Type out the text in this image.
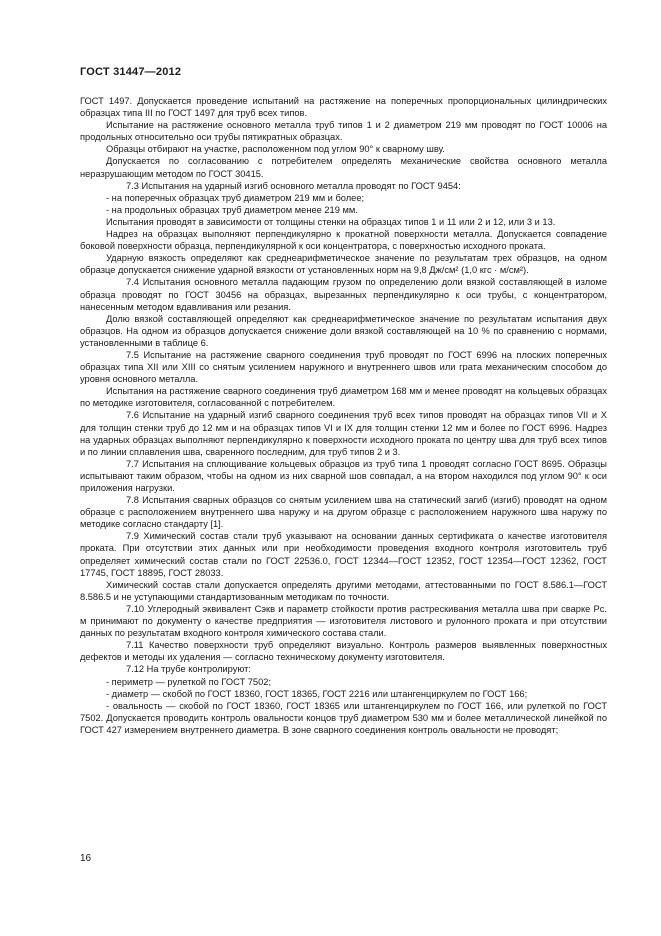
ГОСТ 31447—2012

ГОСТ 1497. Допускается проведение испытаний на растяжение на поперечных пропорциональных цилиндрических образцах типа III по ГОСТ 1497 для труб всех типов.

Испытание на растяжение основного металла труб типов 1 и 2 диаметром 219 мм проводят по ГОСТ 10006 на продольных относительно оси трубы пятикратных образцах.

Образцы отбирают на участке, расположенном под углом 90° к сварному шву.

Допускается по согласованию с потребителем определять механические свойства основного металла неразрушающим методом по ГОСТ 30415.

7.3 Испытания на ударный изгиб основного металла проводят по ГОСТ 9454:

- на поперечных образцах труб диаметром 219 мм и более;

- на продольных образцах труб диаметром менее 219 мм.

Испытания проводят в зависимости от толщины стенки на образцах типов 1 и 11 или 2 и 12, или 3 и 13.

Надрез на образцах выполняют перпендикулярно к прокатной поверхности металла. Допускается совпадение боковой поверхности образца, перпендикулярной к оси концентратора, с поверхностью исходного проката.

Ударную вязкость определяют как среднеарифметическое значение по результатам трех образцов, на одном образце допускается снижение ударной вязкости от установленных норм на 9,8 Дж/см² (1,0 кгс · м/см²).

7.4 Испытания основного металла падающим грузом по определению доли вязкой составляющей в изломе образца проводят по ГОСТ 30456 на образцах, вырезанных перпендикулярно к оси трубы, с концентратором, нанесенным методом вдавливания или резания.

Долю вязкой составляющей определяют как среднеарифметическое значение по результатам испытания двух образцов. На одном из образцов допускается снижение доли вязкой составляющей на 10 % по сравнению с нормами, установленными в таблице 6.

7.5 Испытание на растяжение сварного соединения труб проводят по ГОСТ 6996 на плоских поперечных образцах типа XII или XIII со снятым усилением наружного и внутреннего швов или грата механическим способом до уровня основного металла.

Испытания на растяжение сварного соединения труб диаметром 168 мм и менее проводят на кольцевых образцах по методике изготовителя, согласованной с потребителем.

7.6 Испытание на ударный изгиб сварного соединения труб всех типов проводят на образцах типов VII и X для толщин стенки труб до 12 мм и на образцах типов VI и IX для толщин стенки 12 мм и более по ГОСТ 6996. Надрез на ударных образцах выполняют перпендикулярно к поверхности исходного проката по центру шва для труб всех типов и по линии сплавления шва, сваренного последним, для труб типов 2 и 3.

7.7 Испытания на сплющивание кольцевых образцов из труб типа 1 проводят согласно ГОСТ 8695. Образцы испытывают таким образом, чтобы на одном из них сварной шов совпадал, а на втором находился под углом 90° к оси приложения нагрузки.

7.8 Испытания сварных образцов со снятым усилением шва на статический загиб (изгиб) проводят на одном образце с расположением внутреннего шва наружу и на другом образце с расположением наружного шва наружу по методике согласно стандарту [1].

7.9 Химический состав стали труб указывают на основании данных сертификата о качестве изготовителя проката. При отсутствии этих данных или при необходимости проведения входного контроля изготовитель труб определяет химический состав стали по ГОСТ 22536.0, ГОСТ 12344—ГОСТ 12352, ГОСТ 12354—ГОСТ 12362, ГОСТ 17745, ГОСТ 18895, ГОСТ 28033.

Химический состав стали допускается определять другими методами, аттестованными по ГОСТ 8.586.1—ГОСТ 8.586.5 и не уступающими стандартизованным методикам по точности.

7.10 Углеродный эквивалент Cэкв и параметр стойкости против растрескивания металла шва при сварке Pс. м принимают по документу о качестве предприятия — изготовителя листового и рулонного проката и при отсутствии данных по результатам входного контроля химического состава стали.

7.11 Качество поверхности труб определяют визуально. Контроль размеров выявленных поверхностных дефектов и методы их удаления — согласно техническому документу изготовителя.

7.12 На трубе контролируют:

- периметр — рулеткой по ГОСТ 7502;

- диаметр — скобой по ГОСТ 18360, ГОСТ 18365, ГОСТ 2216 или штангенциркулем по ГОСТ 166;

- овальность — скобой по ГОСТ 18360, ГОСТ 18365 или штангенциркулем по ГОСТ 166, или рулеткой по ГОСТ 7502. Допускается проводить контроль овальности концов труб диаметром 530 мм и более металлической линейкой по ГОСТ 427 измерением внутреннего диаметра. В зоне сварного соединения контроль овальности не проводят;

16
